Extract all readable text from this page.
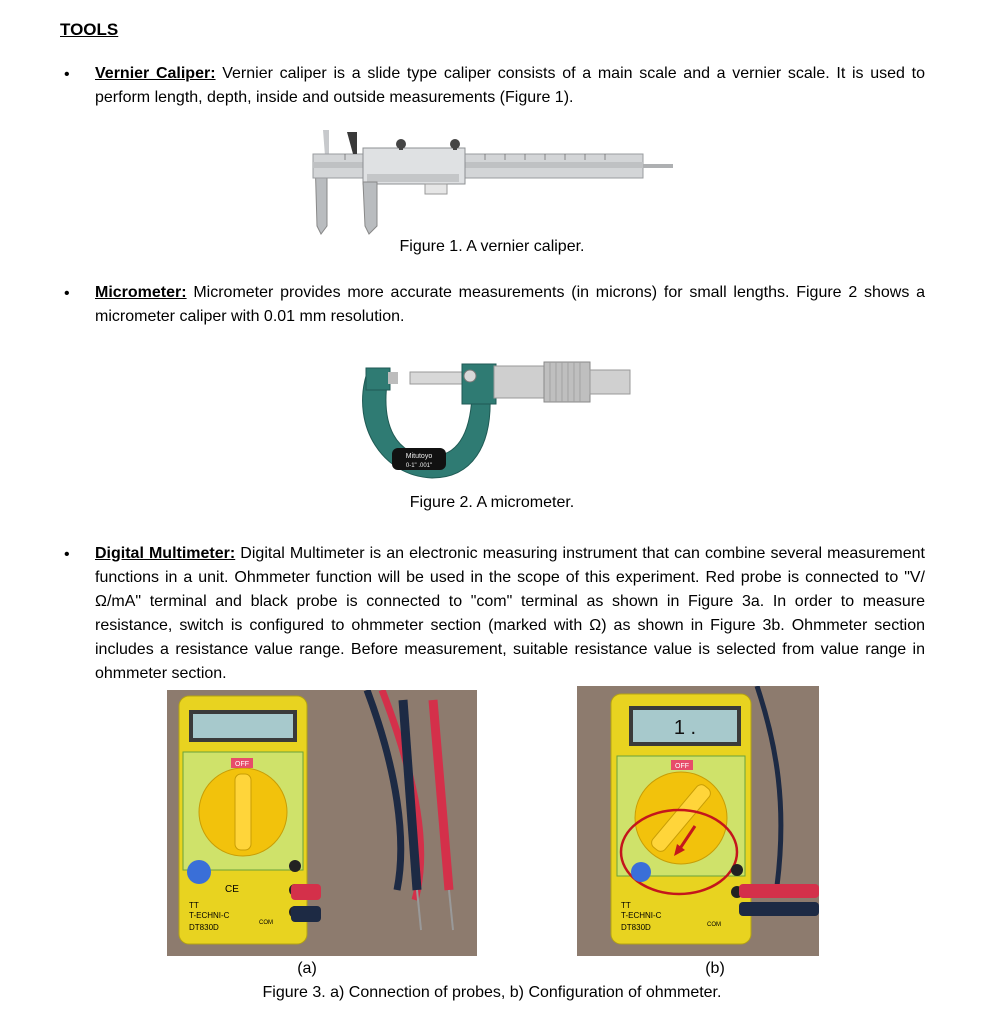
TOOLS
• Vernier Caliper: Vernier caliper is a slide type caliper consists of a main scale and a vernier scale. It is used to perform length, depth, inside and outside measurements (Figure 1).
Figure 1. A vernier caliper.
• Micrometer: Micrometer provides more accurate measurements (in microns) for small lengths. Figure 2 shows a micrometer caliper with 0.01 mm resolution.
Mitutoyo
0-1" .001"
Figure 2. A micrometer.
• Digital Multimeter: Digital Multimeter is an electronic measuring instrument that can combine several measurement functions in a unit. Ohmmeter function will be used in the scope of this experiment. Red probe is connected to "V/Ω/mA" terminal and black probe is connected to "com" terminal as shown in Figure 3a. In order to measure resistance, switch is configured to ohmmeter section (marked with Ω) as shown in Figure 3b. Ohmmeter section includes a resistance value range. Before measurement, suitable resistance value is selected from value range in ohmmeter section.
OFF
CE
TT
T-ECHNI-C
DT830D	COM
1 .
OFF
TT
T-ECHNI-C
DT830D	COM
(a)	(b)
Figure 3. a) Connection of probes, b) Configuration of ohmmeter.
